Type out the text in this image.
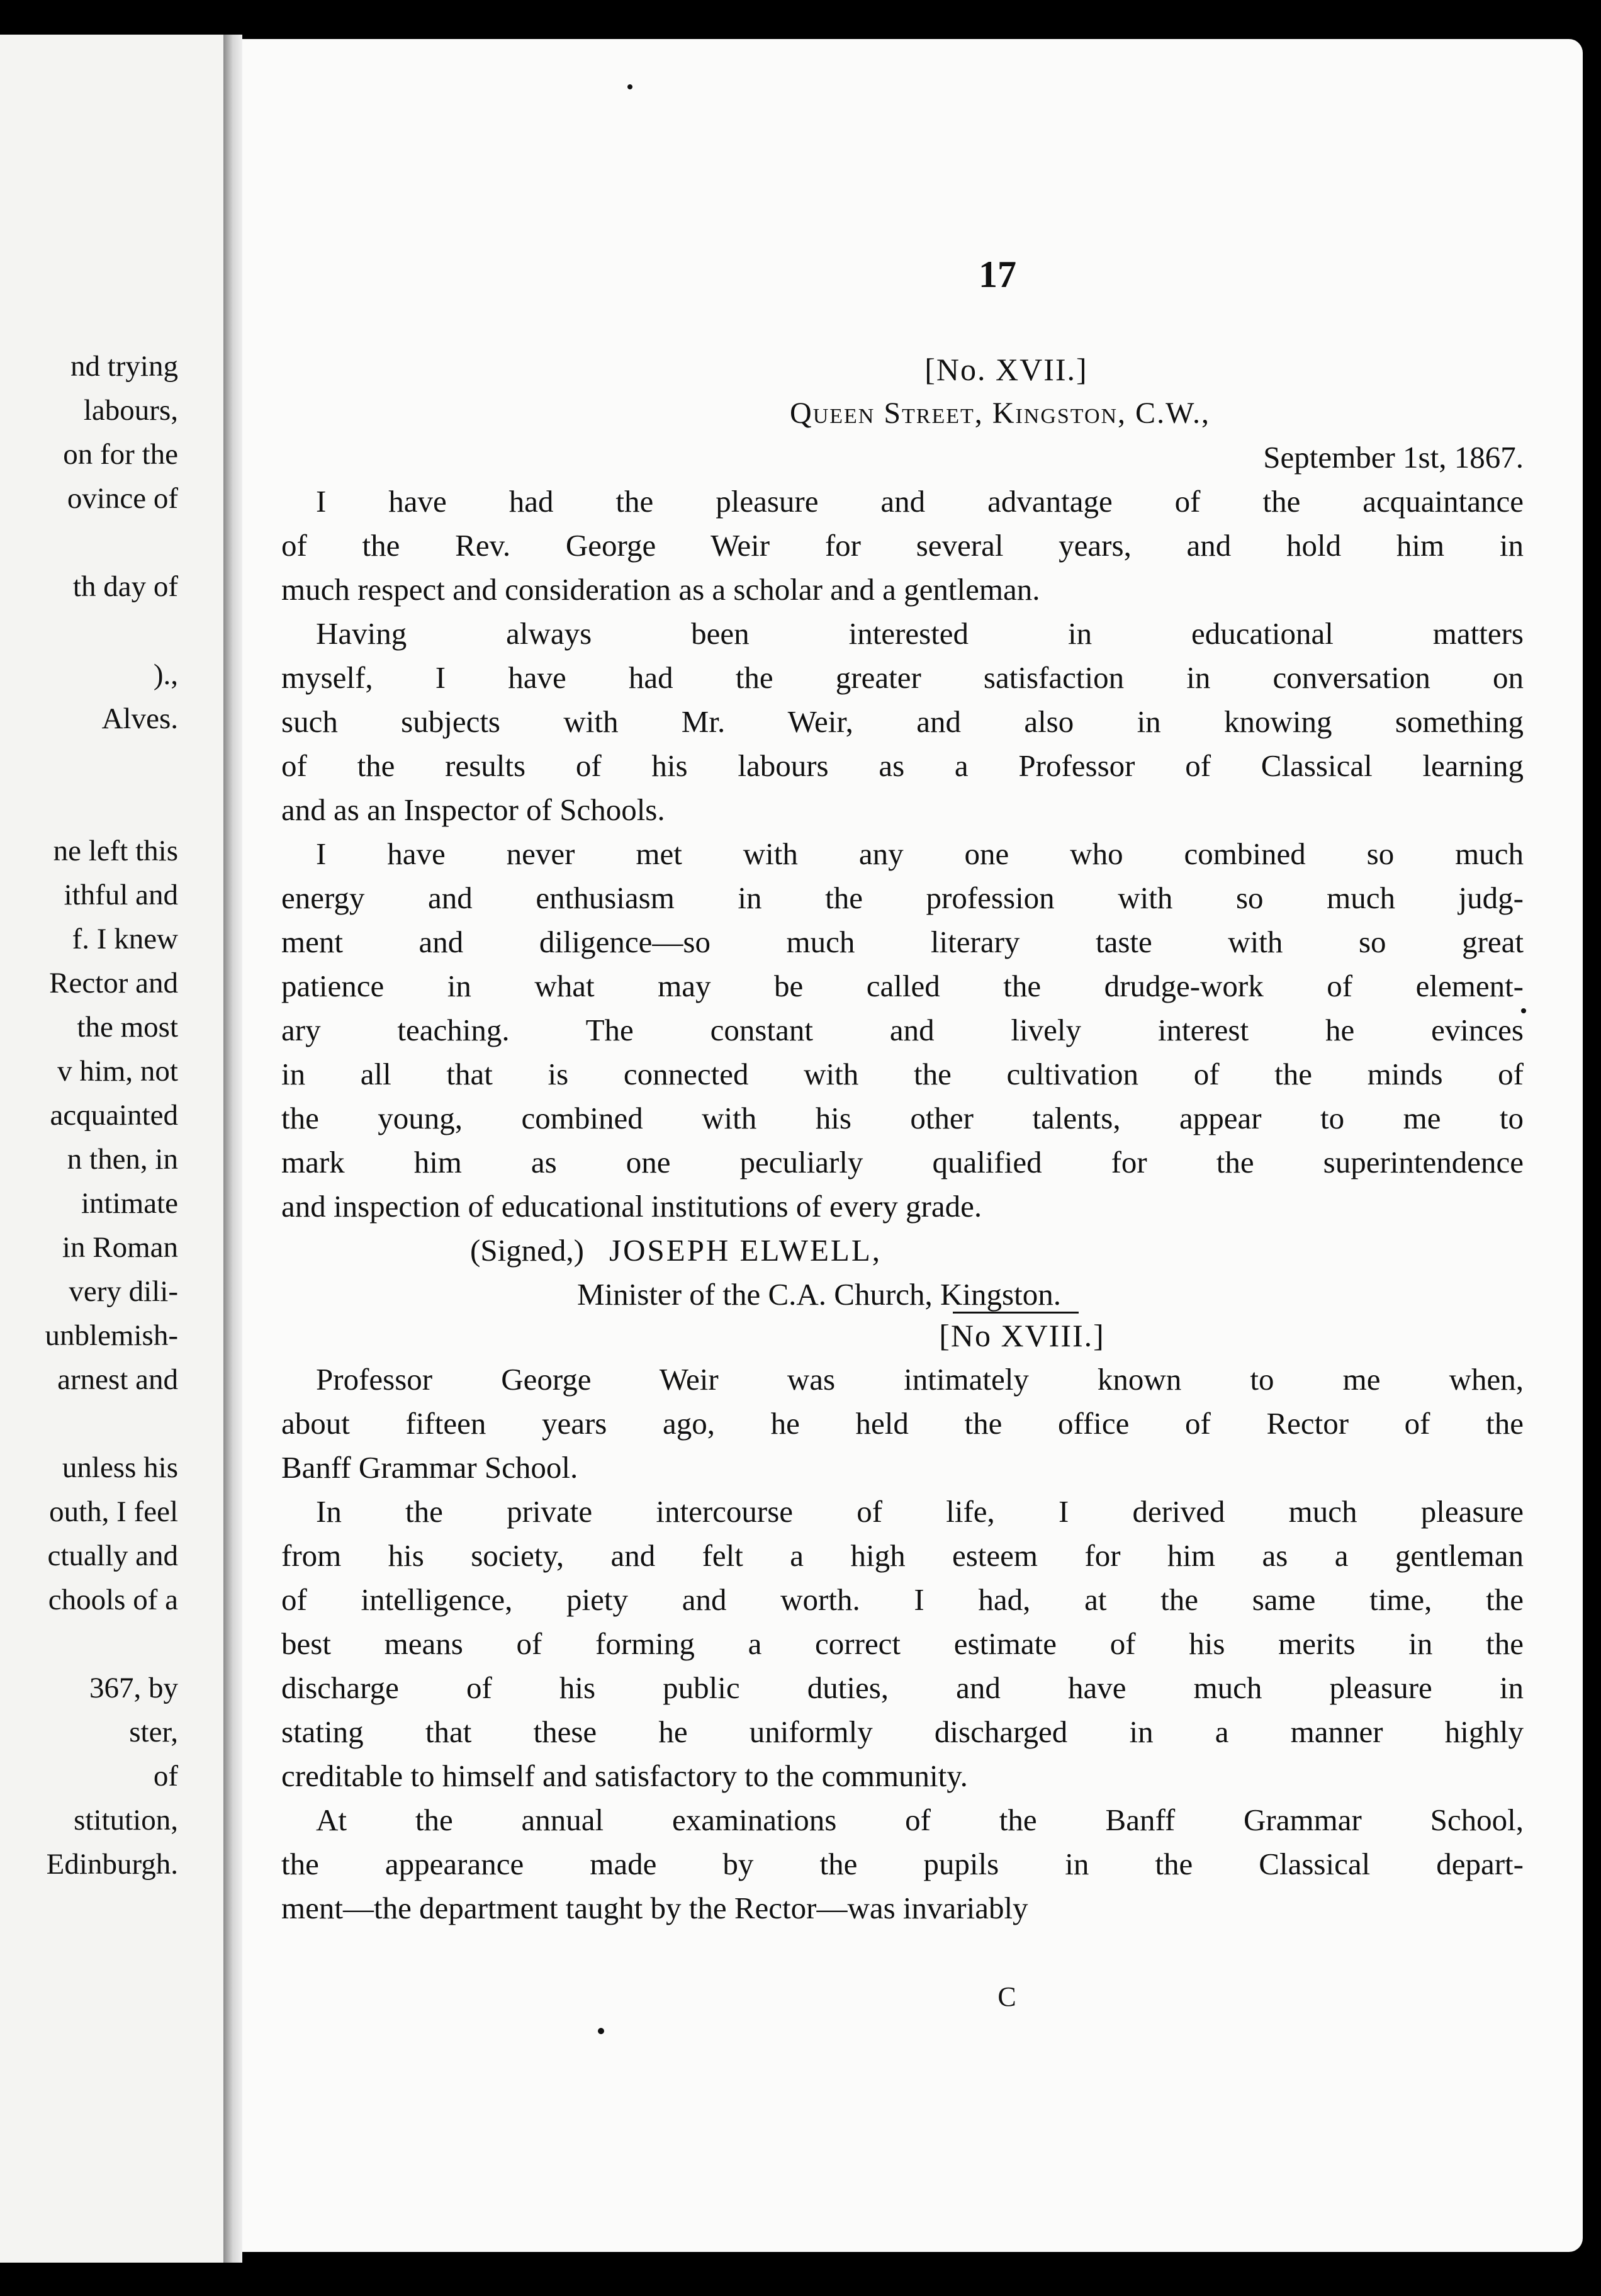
nd trying
labours,
on for the
ovince of
th day of
).,
Alves.
ne left this
ithful and
f. I knew
Rector and
the most
v him, not
acquainted
n then, in
intimate
in Roman
very dili-
unblemish-
arnest and
unless his
outh, I feel
ctually and
chools of a
367, by
ster,
of
stitution,
Edinburgh.
17
[No. XVII.]
Queen Street, Kingston, C.W.,
September 1st, 1867.
I have had the pleasure and advantage of the acquaintance
of the Rev. George Weir for several years, and hold him in
much respect and consideration as a scholar and a gentleman.
Having always been interested in educational matters
myself, I have had the greater satisfaction in conversation on
such subjects with Mr. Weir, and also in knowing something
of the results of his labours as a Professor of Classical learning
and as an Inspector of Schools.
I have never met with any one who combined so much
energy and enthusiasm in the profession with so much judg-
ment and diligence—so much literary taste with so great
patience in what may be called the drudge-work of element-
ary teaching. The constant and lively interest he evinces
in all that is connected with the cultivation of the minds of
the young, combined with his other talents, appear to me to
mark him as one peculiarly qualified for the superintendence
and inspection of educational institutions of every grade.
(Signed,) JOSEPH ELWELL,
Minister of the C.A. Church, Kingston.
[No XVIII.]
Professor George Weir was intimately known to me when,
about fifteen years ago, he held the office of Rector of the
Banff Grammar School.
In the private intercourse of life, I derived much pleasure
from his society, and felt a high esteem for him as a gentleman
of intelligence, piety and worth. I had, at the same time, the
best means of forming a correct estimate of his merits in the
discharge of his public duties, and have much pleasure in
stating that these he uniformly discharged in a manner highly
creditable to himself and satisfactory to the community.
At the annual examinations of the Banff Grammar School,
the appearance made by the pupils in the Classical depart-
ment—the department taught by the Rector—was invariably
C
